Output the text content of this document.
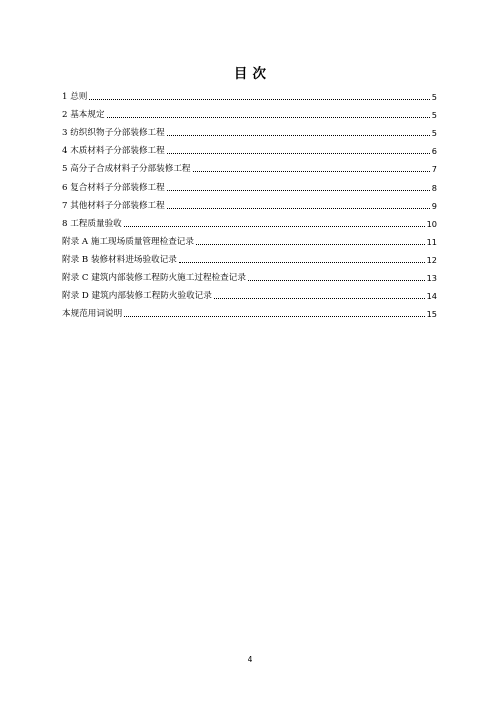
目 次
1 总则	5
2 基本规定	5
3 纺织织物子分部装修工程	5
4 木质材料子分部装修工程	6
5 高分子合成材料子分部装修工程	7
6 复合材料子分部装修工程	8
7 其他材料子分部装修工程	9
8 工程质量验收	10
附录 A 施工现场质量管理检查记录	11
附录 B 装修材料进场验收记录	12
附录 C 建筑内部装修工程防火施工过程检查记录	13
附录 D 建筑内部装修工程防火验收记录	14
本规范用词说明	15
4
